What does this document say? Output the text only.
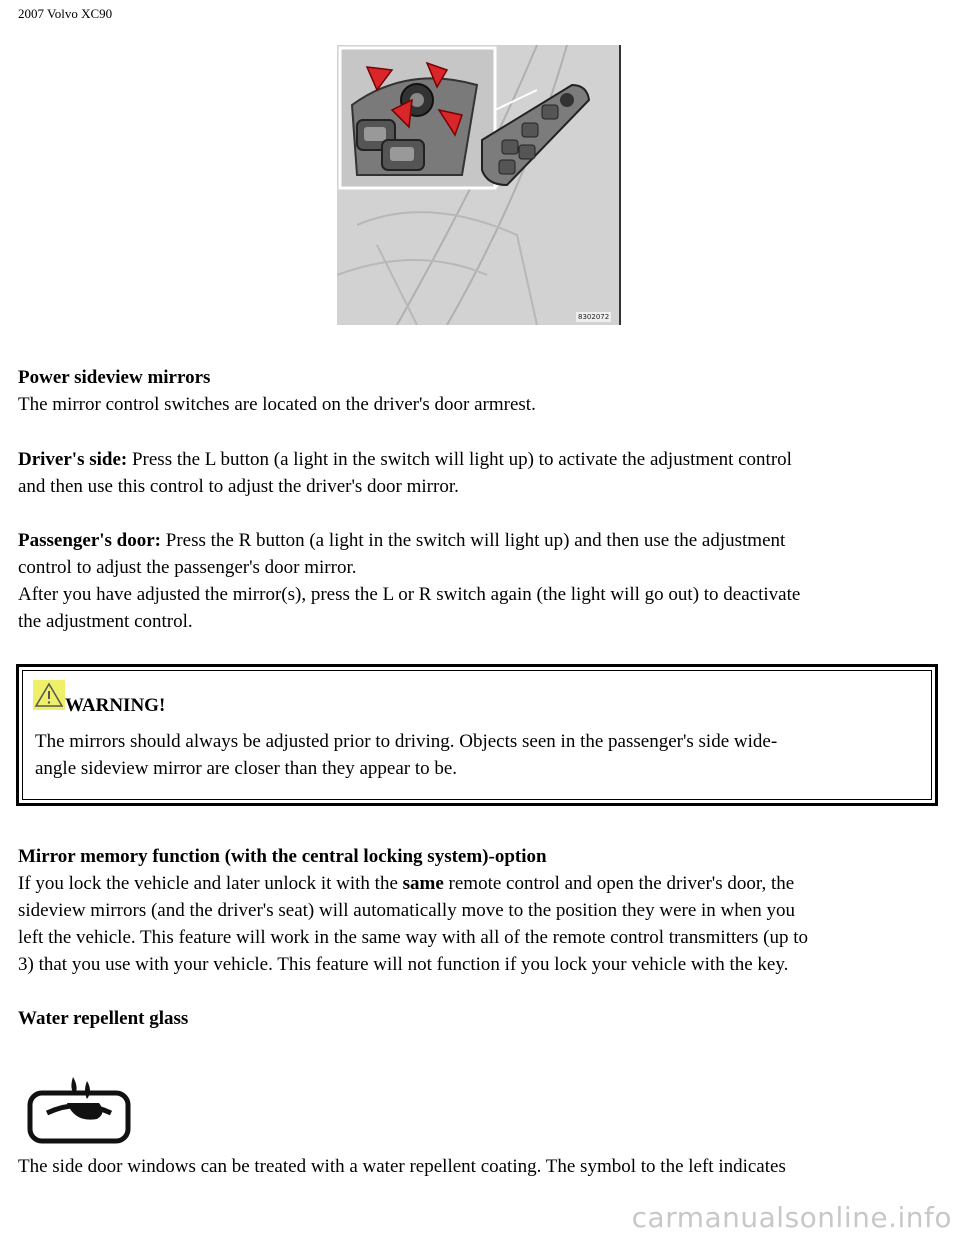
2007 Volvo XC90
8302072

Power sideview mirrors

The mirror control switches are located on the driver's door armrest.

Driver's side: Press the L button (a light in the switch will light up) to activate the adjustment control
and then use this control to adjust the driver's door mirror.

Passenger's door: Press the R button (a light in the switch will light up) and then use the adjustment
control to adjust the passenger's door mirror.
After you have adjusted the mirror(s), press the L or R switch again (the light will go out) to deactivate
the adjustment control.

WARNING!

The mirrors should always be adjusted prior to driving. Objects seen in the passenger's side wide-
angle sideview mirror are closer than they appear to be.

Mirror memory function (with the central locking system)-option

If you lock the vehicle and later unlock it with the same remote control and open the driver's door, the
sideview mirrors (and the driver's seat) will automatically move to the position they were in when you
left the vehicle. This feature will work in the same way with all of the remote control transmitters (up to
3) that you use with your vehicle. This feature will not function if you lock your vehicle with the key.

Water repellent glass

The side door windows can be treated with a water repellent coating. The symbol to the left indicates

carmanualsonline.info
